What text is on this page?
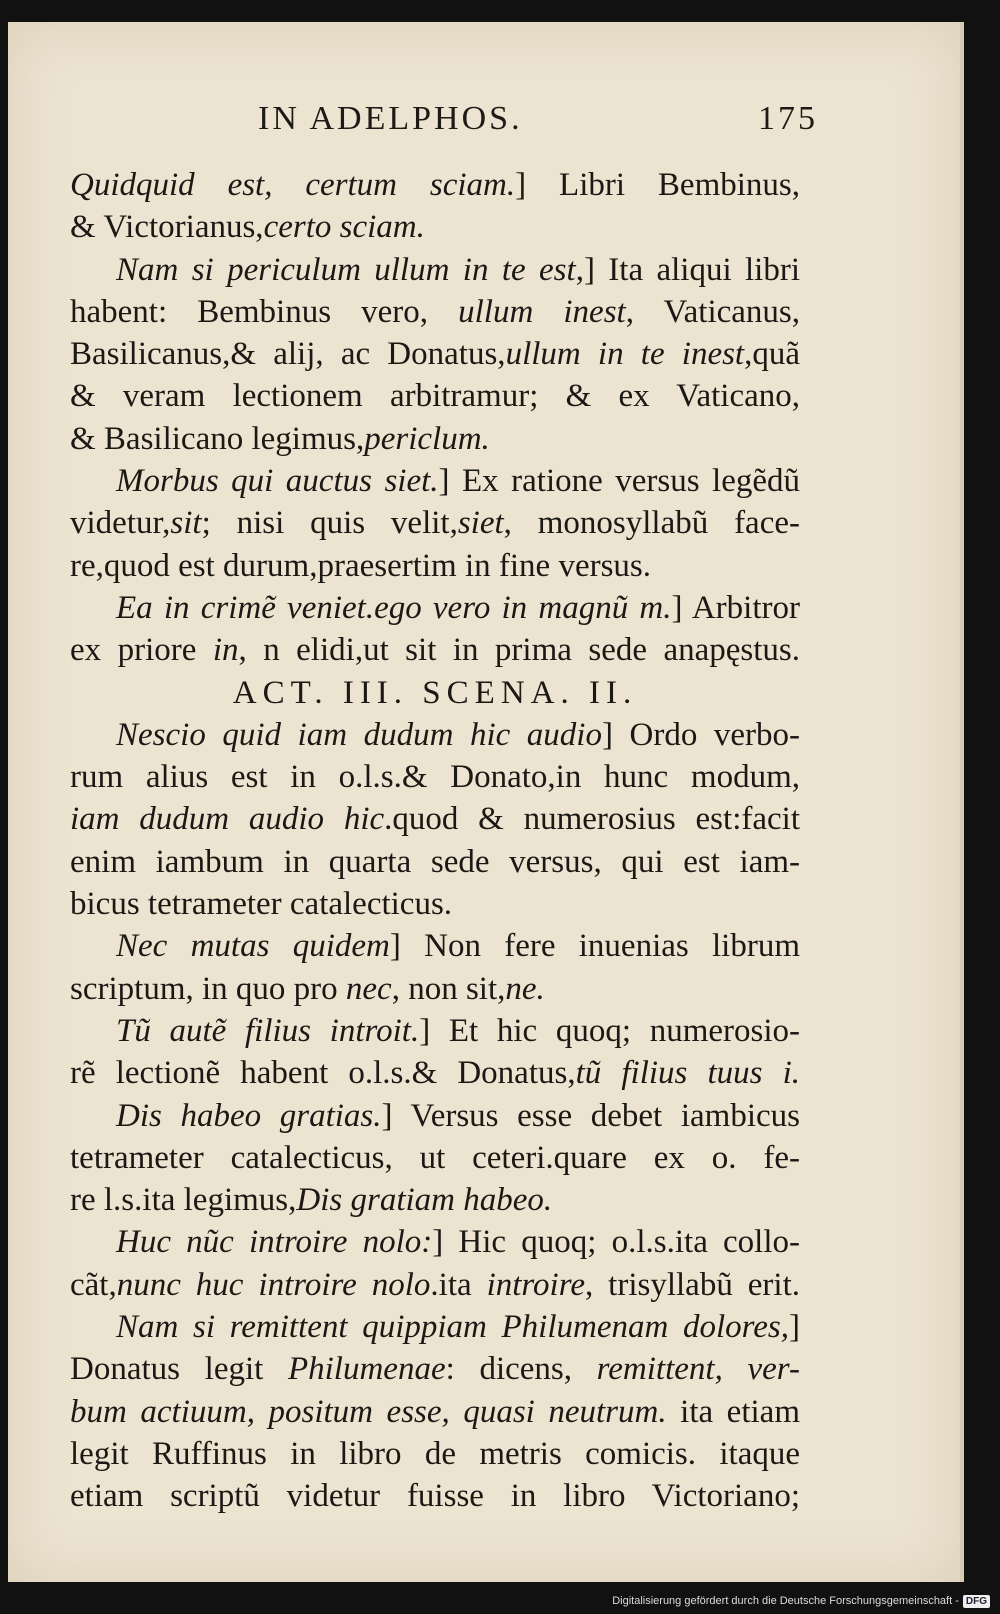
IN ADELPHOS.	175
Quidquid est, certum sciam.] Libri Bembinus,
& Victorianus,certo sciam.
Nam si periculum ullum in te est,] Ita aliqui libri
habent: Bembinus vero, ullum inest, Vaticanus,
Basilicanus,& alij, ac Donatus,ullum in te inest,quã
& veram lectionem arbitramur; & ex Vaticano,
& Basilicano legimus,periclum.
Morbus qui auctus siet.] Ex ratione versus legẽdũ
videtur,sit; nisi quis velit,siet, monosyllabũ face-
re,quod est durum,praesertim in fine versus.
Ea in crimẽ veniet.ego vero in magnũ m.] Arbitror
ex priore in, n elidi,ut sit in prima sede anapęstus.
ACT. III. SCENA. II.
Nescio quid iam dudum hic audio] Ordo verbo-
rum alius est in o.l.s.& Donato,in hunc modum,
iam dudum audio hic.quod & numerosius est:facit
enim iambum in quarta sede versus, qui est iam-
bicus tetrameter catalecticus.
Nec mutas quidem] Non fere inuenias librum
scriptum, in quo pro nec, non sit,ne.
Tũ autẽ filius introit.] Et hic quoq; numerosio-
rẽ lectionẽ habent o.l.s.& Donatus,tũ filius tuus i.
Dis habeo gratias.] Versus esse debet iambicus
tetrameter catalecticus, ut ceteri.quare ex o. fe-
re l.s.ita legimus,Dis gratiam habeo.
Huc nũc introire nolo:] Hic quoq; o.l.s.ita collo-
cãt,nunc huc introire nolo.ita introire, trisyllabũ erit.
Nam si remittent quippiam Philumenam dolores,]
Donatus legit Philumenae: dicens, remittent, ver-
bum actiuum, positum esse, quasi neutrum. ita etiam
legit Ruffinus in libro de metris comicis. itaque
etiam scriptũ videtur fuisse in libro Victoriano;
Digitalisierung gefördert durch die Deutsche Forschungsgemeinschaft - DFG
